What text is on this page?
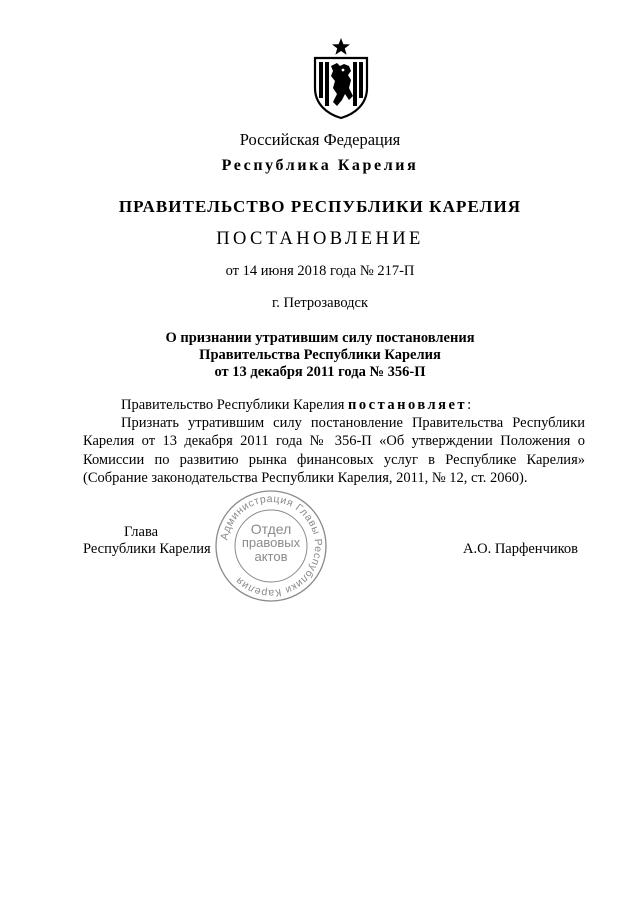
Российская Федерация
Республика Карелия
ПРАВИТЕЛЬСТВО РЕСПУБЛИКИ КАРЕЛИЯ
ПОСТАНОВЛЕНИЕ
от 14 июня 2018 года № 217-П
г. Петрозаводск
О признании утратившим силу постановления
Правительства Республики Карелия
от 13 декабря 2011 года № 356-П

Правительство Республики Карелия постановляет:

Признать утратившим силу постановление Правительства Республики Карелия от 13 декабря 2011 года № 356-П «Об утверждении Положения о Комиссии по развитию рынка финансовых услуг в Республике Карелия» (Собрание законодательства Республики Карелия, 2011, № 12, ст. 2060).

Администрация Главы Республики Карелия
Отдел
правовых
актов
Глава
Республики Карелия	А.О. Парфенчиков
